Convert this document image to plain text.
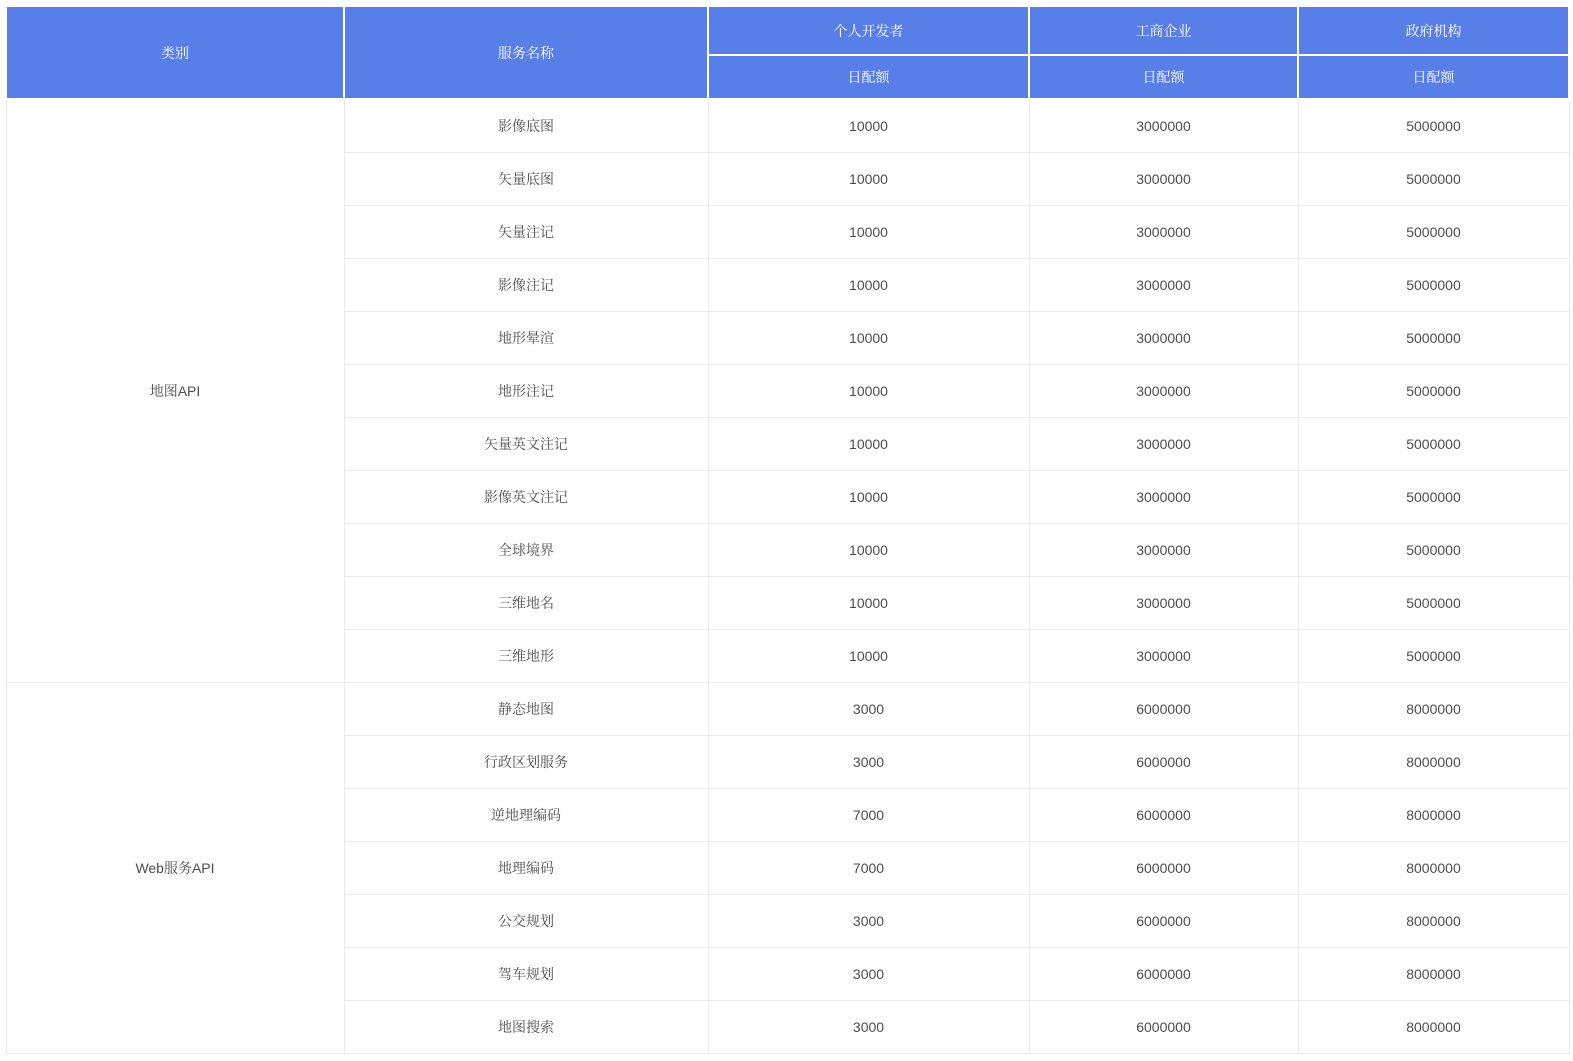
类别	服务名称	个人开发者	工商企业	政府机构
		日配额	日配额	日配额
地图API	影像底图	10000	3000000	5000000
	矢量底图	10000	3000000	5000000
	矢量注记	10000	3000000	5000000
	影像注记	10000	3000000	5000000
	地形晕渲	10000	3000000	5000000
	地形注记	10000	3000000	5000000
	矢量英文注记	10000	3000000	5000000
	影像英文注记	10000	3000000	5000000
	全球境界	10000	3000000	5000000
	三维地名	10000	3000000	5000000
	三维地形	10000	3000000	5000000
Web服务API	静态地图	3000	6000000	8000000
	行政区划服务	3000	6000000	8000000
	逆地理编码	7000	6000000	8000000
	地理编码	7000	6000000	8000000
	公交规划	3000	6000000	8000000
	驾车规划	3000	6000000	8000000
	地图搜索	3000	6000000	8000000
